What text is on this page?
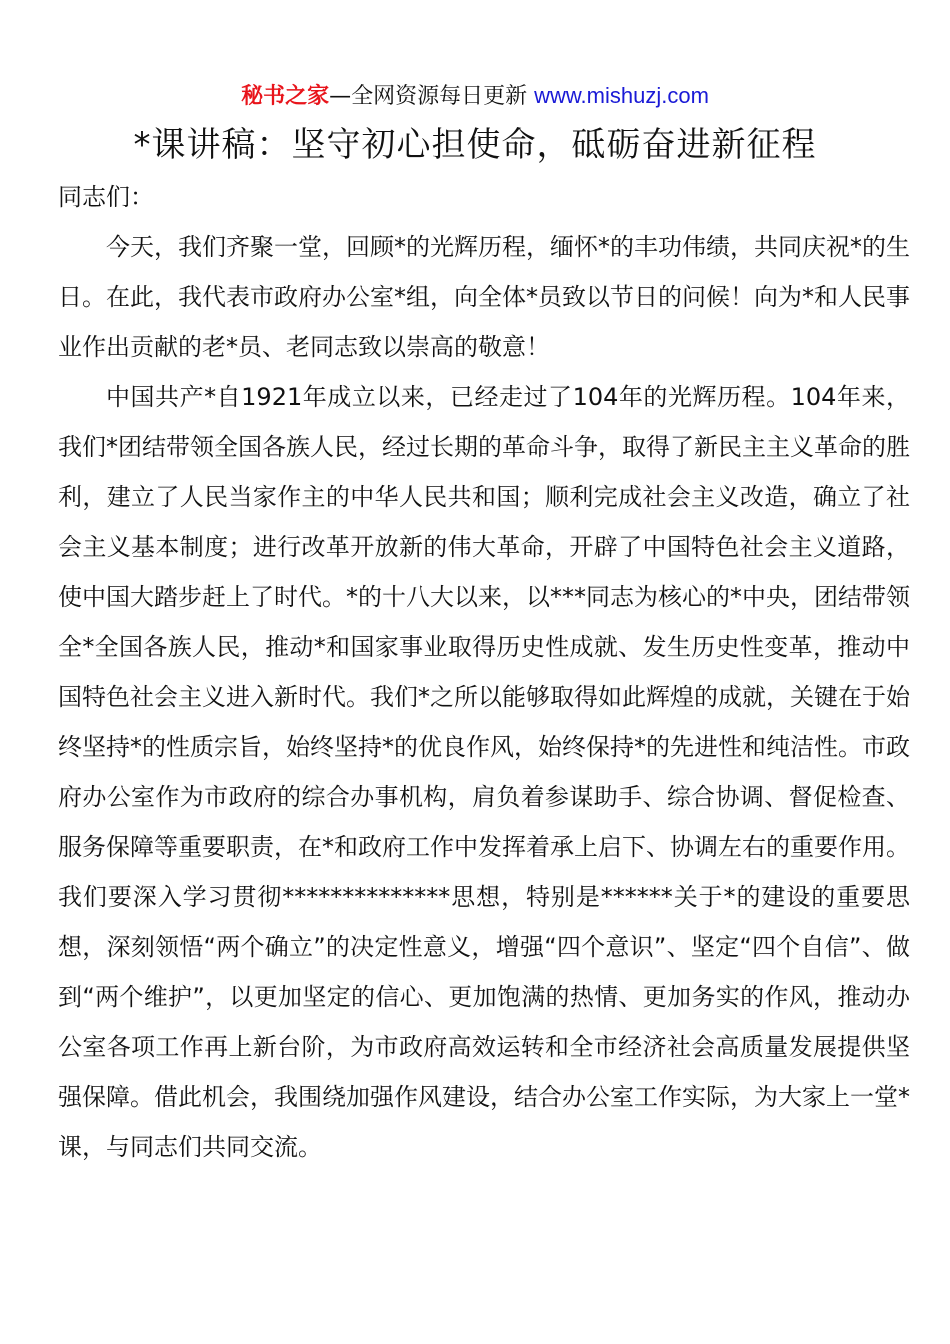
秘书之家—全网资源每日更新 www.mishuzj.com
*课讲稿：坚守初心担使命，砥砺奋进新征程

同志们：

今天，我们齐聚一堂，回顾*的光辉历程，缅怀*的丰功伟绩，共同庆祝*的生日。在此，我代表市政府办公室*组，向全体*员致以节日的问候！向为*和人民事业作出贡献的老*员、老同志致以崇高的敬意！

中国共产*自1921年成立以来，已经走过了104年的光辉历程。104年来，我们*团结带领全国各族人民，经过长期的革命斗争，取得了新民主主义革命的胜利，建立了人民当家作主的中华人民共和国；顺利完成社会主义改造，确立了社会主义基本制度；进行改革开放新的伟大革命，开辟了中国特色社会主义道路，使中国大踏步赶上了时代。*的十八大以来，以***同志为核心的*中央，团结带领全*全国各族人民，推动*和国家事业取得历史性成就、发生历史性变革，推动中国特色社会主义进入新时代。我们*之所以能够取得如此辉煌的成就，关键在于始终坚持*的性质宗旨，始终坚持*的优良作风，始终保持*的先进性和纯洁性。市政府办公室作为市政府的综合办事机构，肩负着参谋助手、综合协调、督促检查、服务保障等重要职责，在*和政府工作中发挥着承上启下、协调左右的重要作用。我们要深入学习贯彻**************思想，特别是******关于*的建设的重要思想，深刻领悟“两个确立”的决定性意义，增强“四个意识”、坚定“四个自信”、做到“两个维护”，以更加坚定的信心、更加饱满的热情、更加务实的作风，推动办公室各项工作再上新台阶，为市政府高效运转和全市经济社会高质量发展提供坚强保障。借此机会，我围绕加强作风建设，结合办公室工作实际，为大家上一堂*课，与同志们共同交流。
